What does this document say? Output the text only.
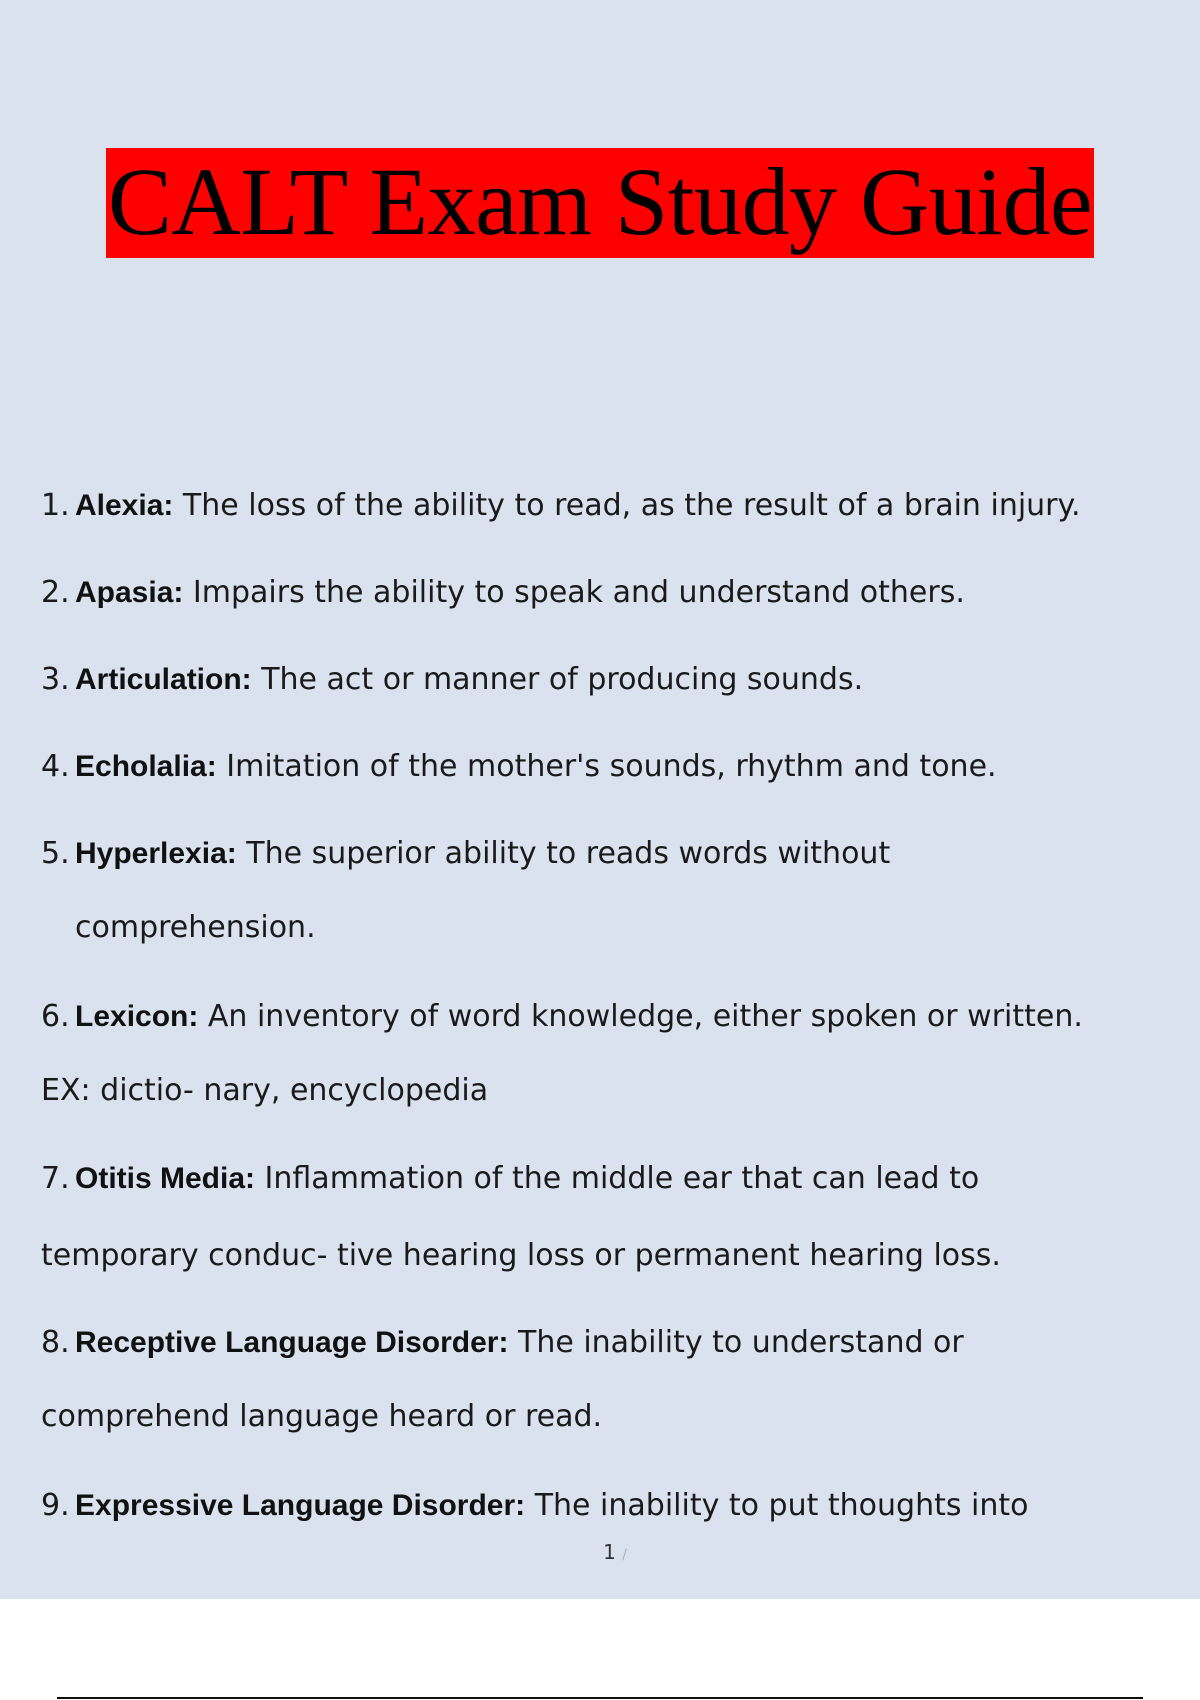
CALT Exam Study Guide
1. Alexia: The loss of the ability to read, as the result of a brain injury.
2. Apasia: Impairs the ability to speak and understand others.
3. Articulation: The act or manner of producing sounds.
4. Echolalia: Imitation of the mother's sounds, rhythm and tone.
5. Hyperlexia: The superior ability to reads words without
comprehension.
6. Lexicon: An inventory of word knowledge, either spoken or written.
EX: dictio- nary, encyclopedia
7. Otitis Media: Inflammation of the middle ear that can lead to
temporary conduc- tive hearing loss or permanent hearing loss.
8. Receptive Language Disorder: The inability to understand or
comprehend language heard or read.
9. Expressive Language Disorder: The inability to put thoughts into
1 /
